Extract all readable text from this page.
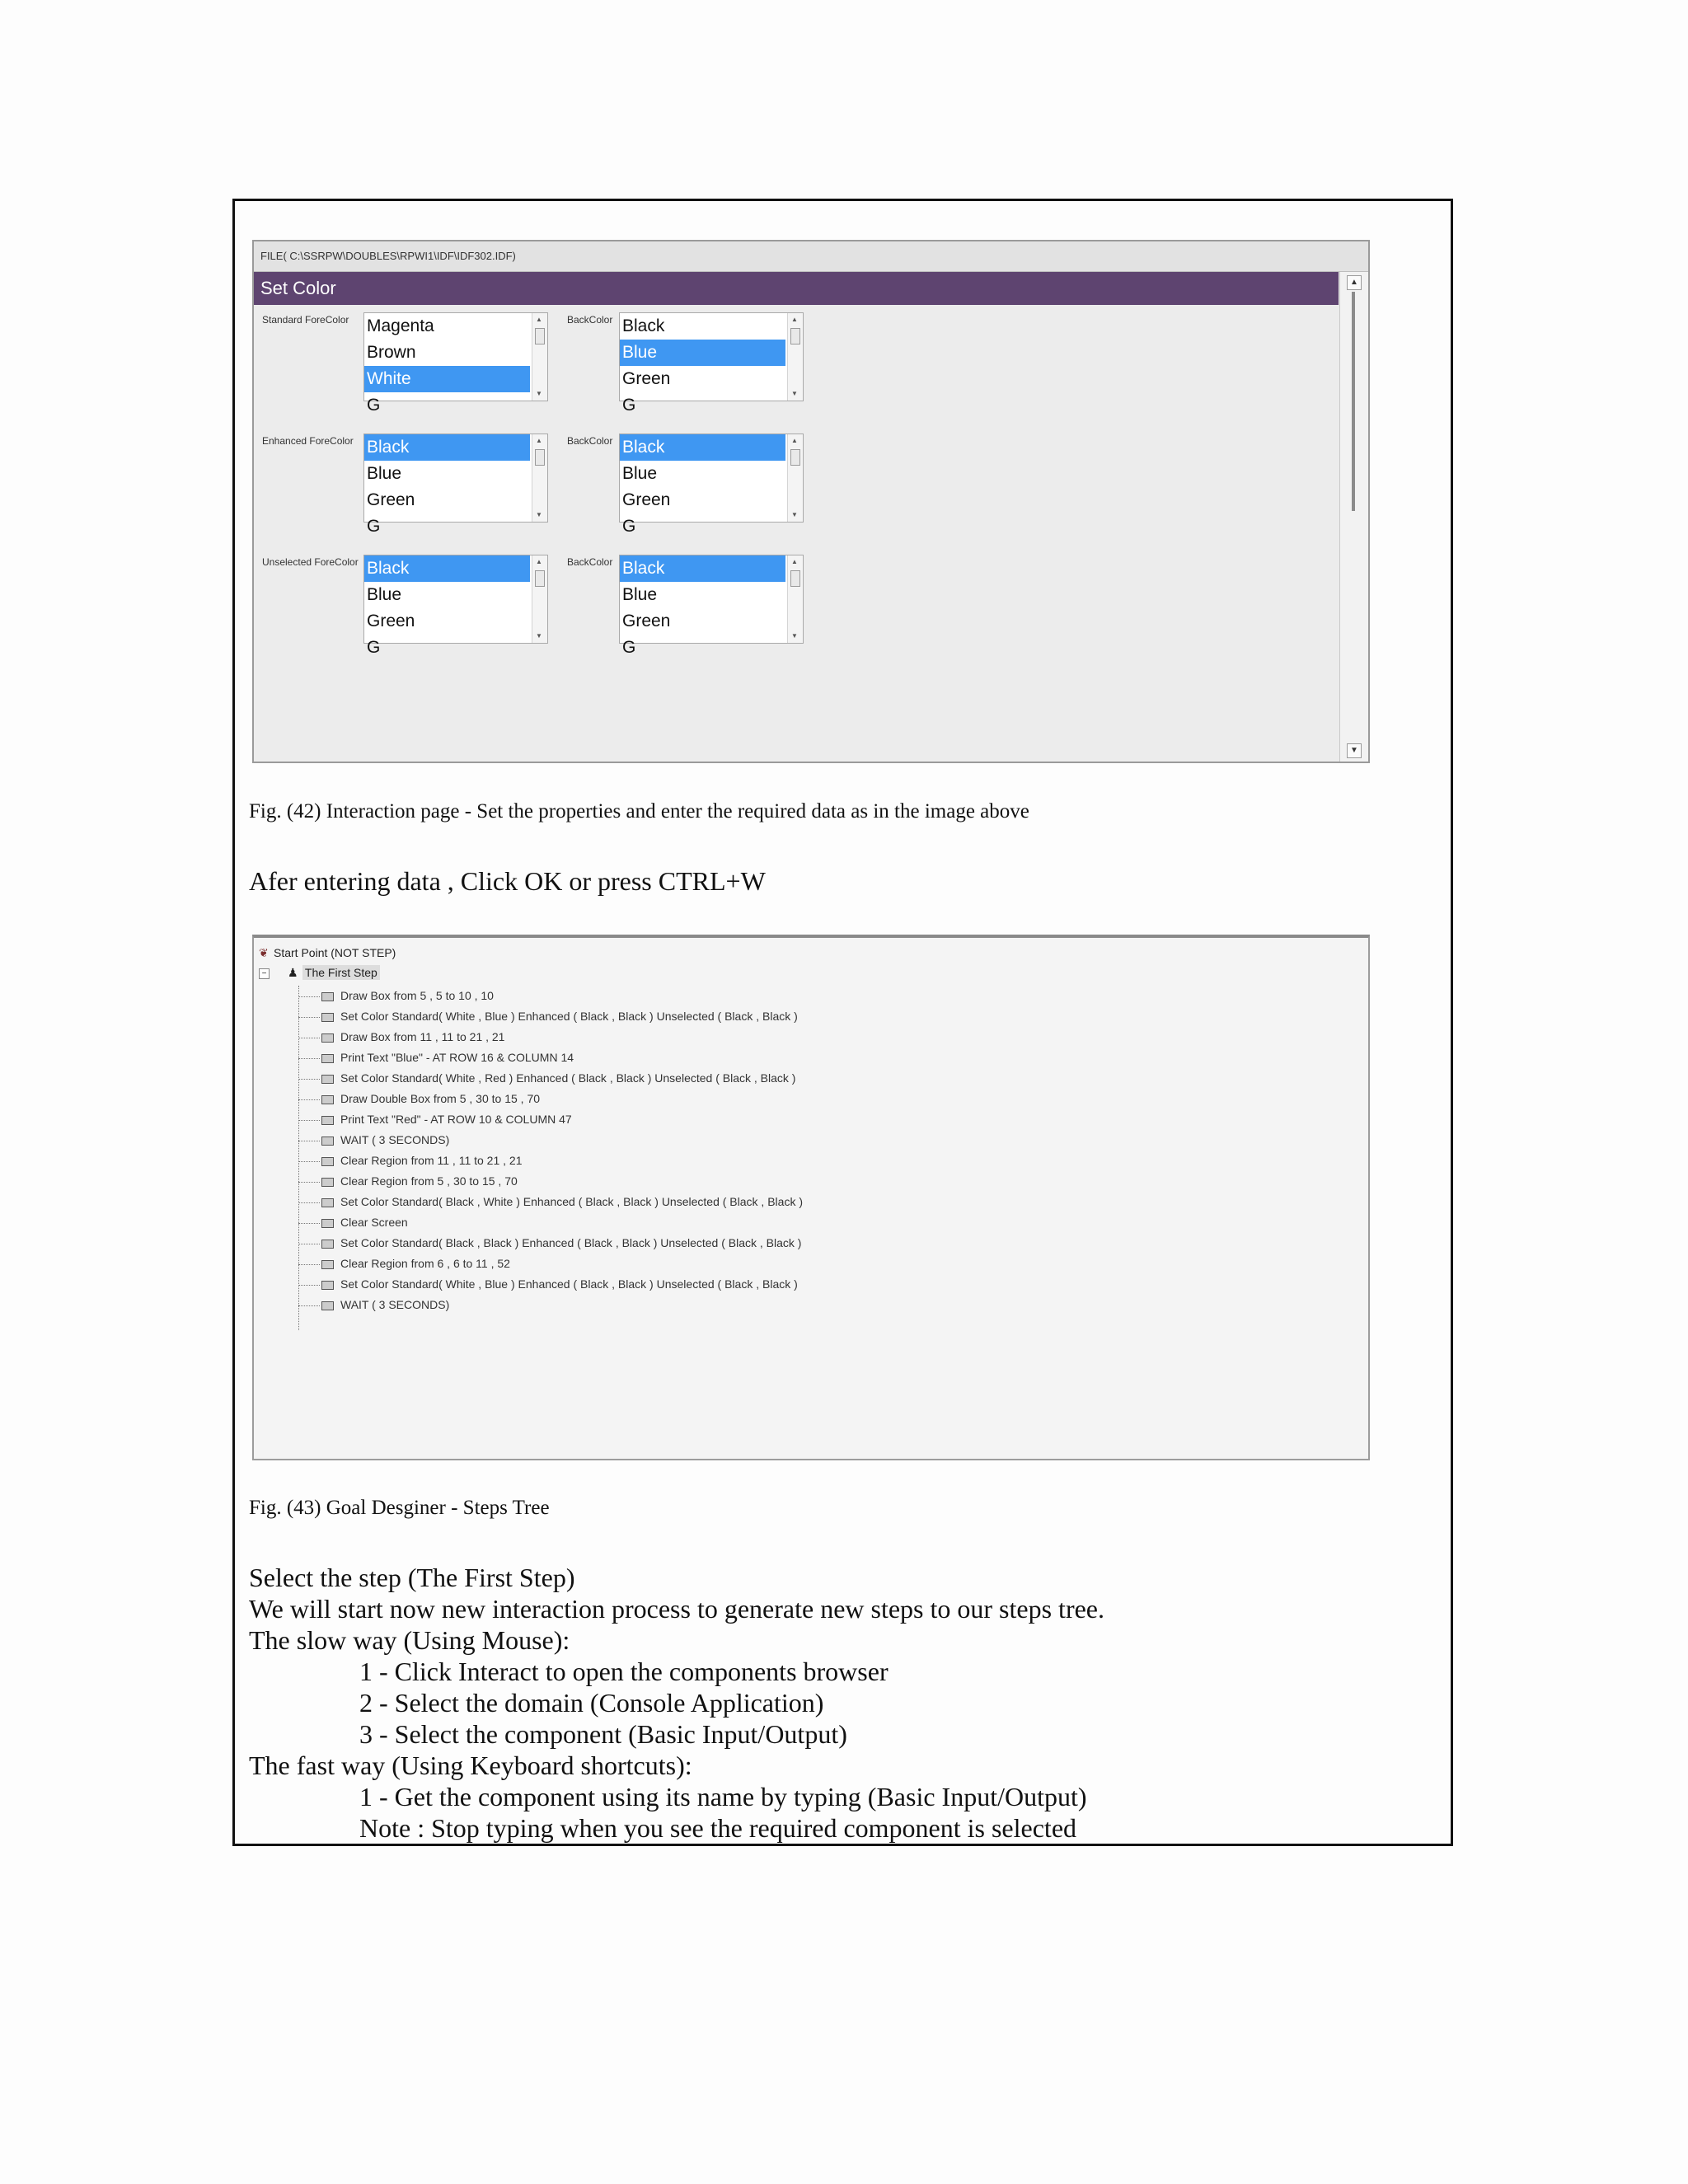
FILE( C:\SSRPW\DOUBLES\RPWI1\IDF\IDF302.IDF)
Set Color	▲
▼
Standard ForeColor Magenta
Brown
White
G
▲
▼
BackColor Black
Blue
Green
G
▲
▼
Enhanced ForeColor Black
Blue
Green
G
▲
▼
BackColor Black
Blue
Green
G
▲
▼
Unselected ForeColor Black
Blue
Green
G
▲
▼
BackColor Black
Blue
Green
G
▲
▼
Fig. (42) Interaction page - Set the properties and enter the required data as in the image above
Afer entering data , Click OK or press CTRL+W
❦ Start Point (NOT STEP)
− ♟ The First Step
Draw Box from 5 , 5 to 10 , 10
Set Color Standard( White , Blue ) Enhanced ( Black , Black ) Unselected ( Black , Black )
Draw Box from 11 , 11 to 21 , 21
Print Text "Blue" - AT ROW 16 & COLUMN 14
Set Color Standard( White , Red ) Enhanced ( Black , Black ) Unselected ( Black , Black )
Draw Double Box from 5 , 30 to 15 , 70
Print Text "Red" - AT ROW 10 & COLUMN 47
WAIT ( 3 SECONDS)
Clear Region from 11 , 11 to 21 , 21
Clear Region from 5 , 30 to 15 , 70
Set Color Standard( Black , White ) Enhanced ( Black , Black ) Unselected ( Black , Black )
Clear Screen
Set Color Standard( Black , Black ) Enhanced ( Black , Black ) Unselected ( Black , Black )
Clear Region from 6 , 6 to 11 , 52
Set Color Standard( White , Blue ) Enhanced ( Black , Black ) Unselected ( Black , Black )
WAIT ( 3 SECONDS)
Fig. (43) Goal Desginer - Steps Tree
Select the step (The First Step)
We will start now new interaction process to generate new steps to our steps tree.
The slow way (Using Mouse):
1 - Click Interact to open the components browser
2 - Select the domain (Console Application)
3 - Select the component (Basic Input/Output)
The fast way (Using Keyboard shortcuts):
1 - Get the component using its name by typing (Basic Input/Output)
Note : Stop typing when you see the required component is selected
